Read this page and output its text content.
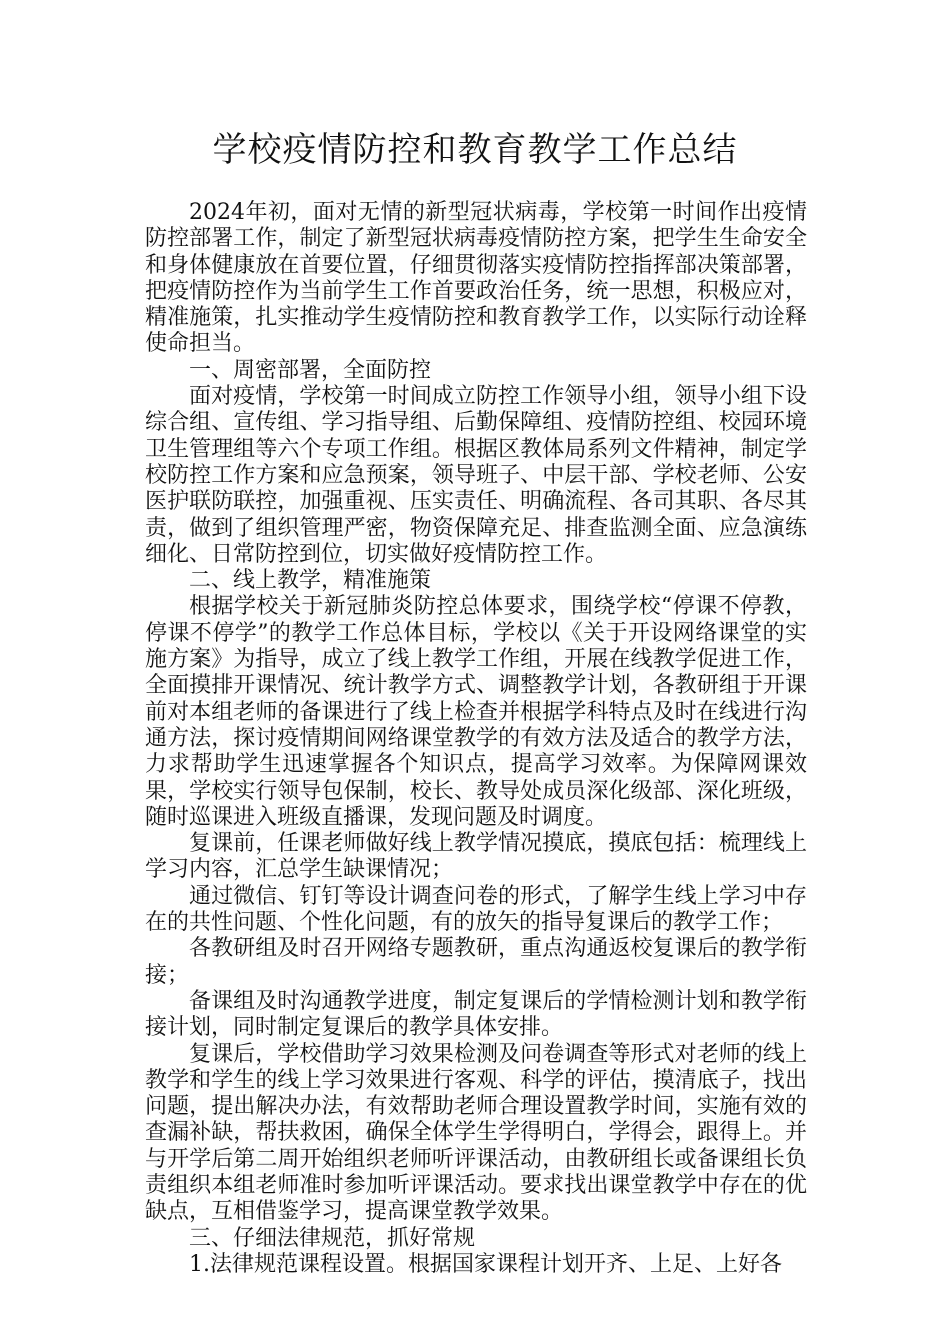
学校疫情防控和教育教学工作总结

2024年初，面对无情的新型冠状病毒，学校第一时间作出疫情防控部署工作，制定了新型冠状病毒疫情防控方案，把学生生命安全和身体健康放在首要位置，仔细贯彻落实疫情防控指挥部决策部署，把疫情防控作为当前学生工作首要政治任务，统一思想，积极应对，精准施策，扎实推动学生疫情防控和教育教学工作，以实际行动诠释使命担当。

一、周密部署，全面防控

面对疫情，学校第一时间成立防控工作领导小组，领导小组下设综合组、宣传组、学习指导组、后勤保障组、疫情防控组、校园环境卫生管理组等六个专项工作组。根据区教体局系列文件精神，制定学校防控工作方案和应急预案，领导班子、中层干部、学校老师、公安医护联防联控，加强重视、压实责任、明确流程、各司其职、各尽其责，做到了组织管理严密，物资保障充足、排查监测全面、应急演练细化、日常防控到位，切实做好疫情防控工作。

二、线上教学，精准施策

根据学校关于新冠肺炎防控总体要求，围绕学校“停课不停教，停课不停学”的教学工作总体目标，学校以《关于开设网络课堂的实施方案》为指导，成立了线上教学工作组，开展在线教学促进工作，全面摸排开课情况、统计教学方式、调整教学计划，各教研组于开课前对本组老师的备课进行了线上检查并根据学科特点及时在线进行沟通方法，探讨疫情期间网络课堂教学的有效方法及适合的教学方法，力求帮助学生迅速掌握各个知识点，提高学习效率。为保障网课效果，学校实行领导包保制，校长、教导处成员深化级部、深化班级，随时巡课进入班级直播课，发现问题及时调度。

复课前，任课老师做好线上教学情况摸底，摸底包括：梳理线上学习内容，汇总学生缺课情况；

通过微信、钉钉等设计调查问卷的形式，了解学生线上学习中存在的共性问题、个性化问题，有的放矢的指导复课后的教学工作；

各教研组及时召开网络专题教研，重点沟通返校复课后的教学衔接；

备课组及时沟通教学进度，制定复课后的学情检测计划和教学衔接计划，同时制定复课后的教学具体安排。

复课后，学校借助学习效果检测及问卷调查等形式对老师的线上教学和学生的线上学习效果进行客观、科学的评估，摸清底子，找出问题，提出解决办法，有效帮助老师合理设置教学时间，实施有效的查漏补缺，帮扶救困，确保全体学生学得明白，学得会，跟得上。并与开学后第二周开始组织老师听评课活动，由教研组长或备课组长负责组织本组老师准时参加听评课活动。要求找出课堂教学中存在的优缺点，互相借鉴学习，提高课堂教学效果。

三、仔细法律规范，抓好常规

1.法律规范课程设置。根据国家课程计划开齐、上足、上好各
